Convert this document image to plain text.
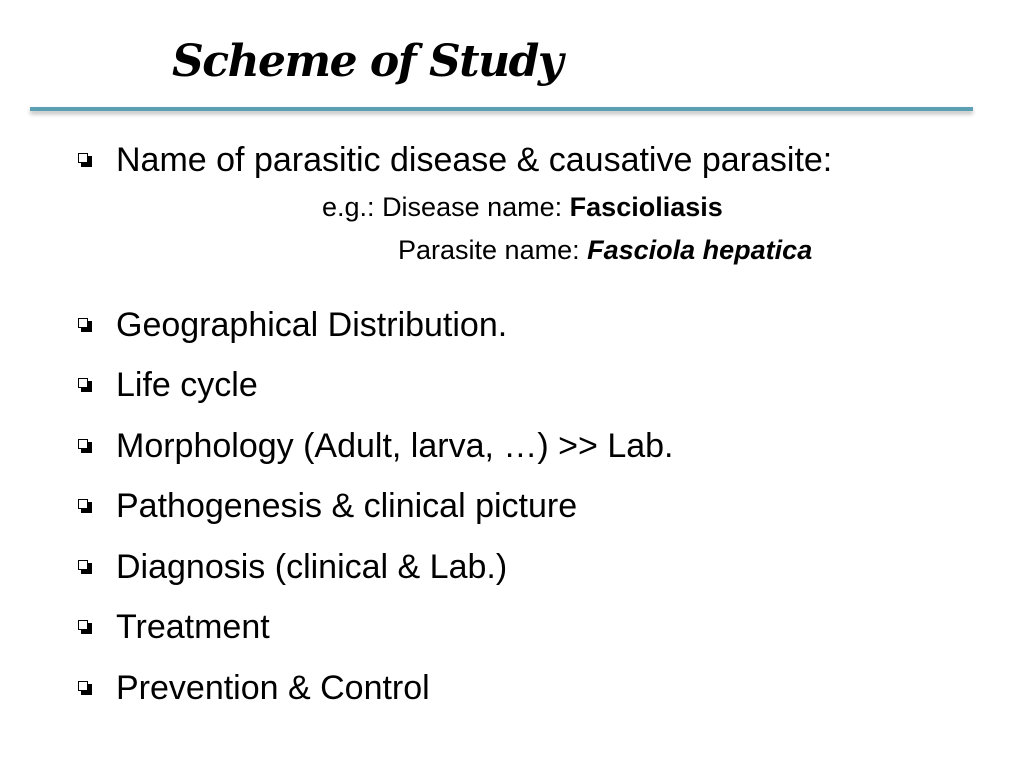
Scheme of Study
Name of parasitic disease & causative parasite:
e.g.: Disease name: Fascioliasis
Parasite name: Fasciola hepatica
Geographical Distribution.
Life cycle
Morphology (Adult, larva, …) >> Lab.
Pathogenesis & clinical picture
Diagnosis (clinical & Lab.)
Treatment
Prevention & Control
